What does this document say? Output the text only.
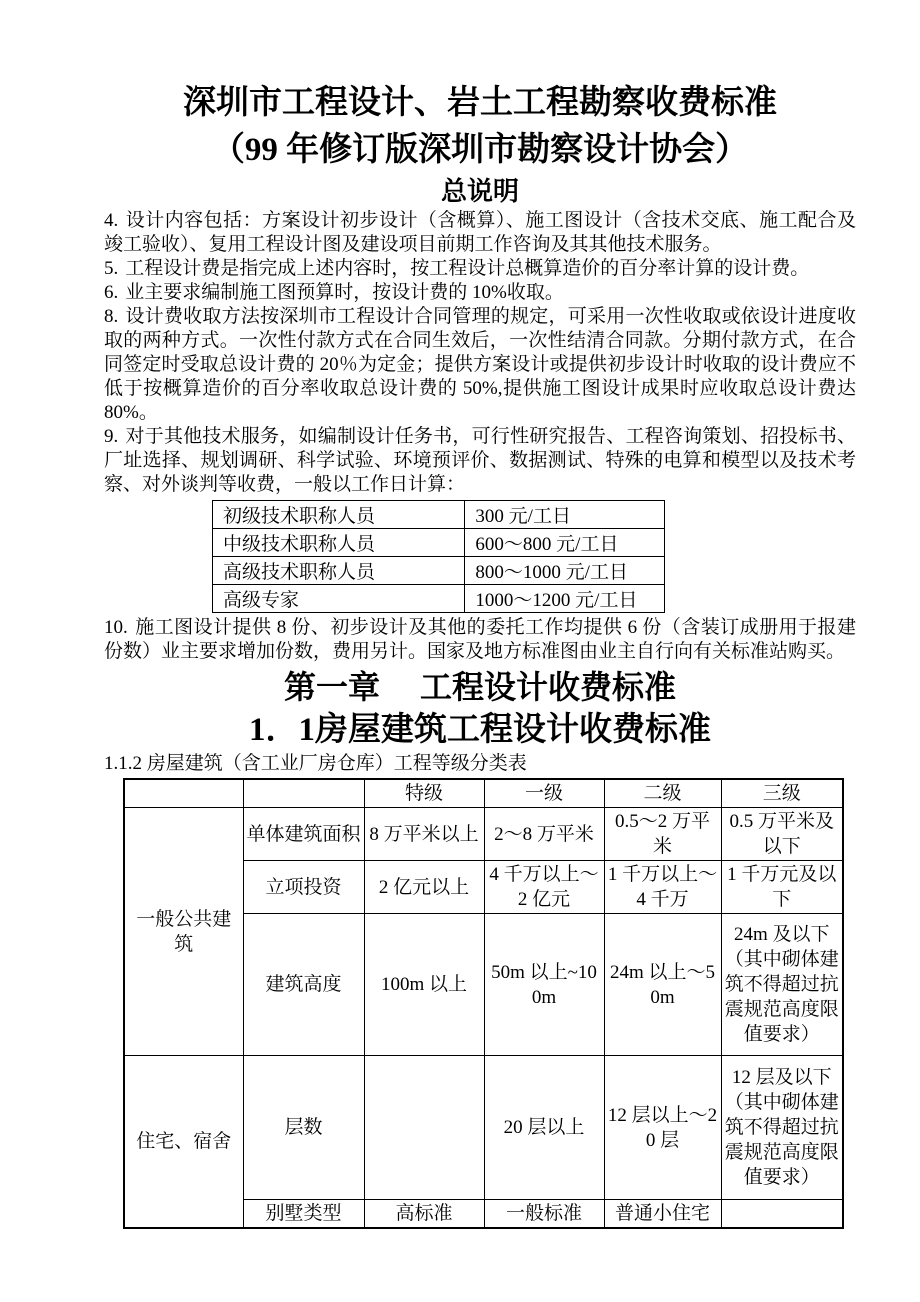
深圳市工程设计、岩土工程勘察收费标准
（99 年修订版深圳市勘察设计协会）
总说明

4. 设计内容包括：方案设计初步设计（含概算）、施工图设计（含技术交底、施工配合及竣工验收）、复用工程设计图及建设项目前期工作咨询及其其他技术服务。

5. 工程设计费是指完成上述内容时，按工程设计总概算造价的百分率计算的设计费。

6. 业主要求编制施工图预算时，按设计费的 10%收取。

8. 设计费收取方法按深圳市工程设计合同管理的规定，可采用一次性收取或依设计进度收取的两种方式。一次性付款方式在合同生效后，一次性结清合同款。分期付款方式，在合同签定时受取总设计费的 20％为定金；提供方案设计或提供初步设计时收取的设计费应不低于按概算造价的百分率收取总设计费的 50%,提供施工图设计成果时应收取总设计费达 80%。

9. 对于其他技术服务，如编制设计任务书，可行性研究报告、工程咨询策划、招投标书、厂址选择、规划调研、科学试验、环境预评价、数据测试、特殊的电算和模型以及技术考察、对外谈判等收费，一般以工作日计算：

初级技术职称人员	300 元/工日
中级技术职称人员	600～800 元/工日
高级技术职称人员	800～1000 元/工日
高级专家	1000～1200 元/工日

10. 施工图设计提供 8 份、初步设计及其他的委托工作均提供 6 份（含装订成册用于报建份数）业主要求增加份数，费用另计。国家及地方标准图由业主自行向有关标准站购买。

第一章　 工程设计收费标准
1．1房屋建筑工程设计收费标准
1.1.2 房屋建筑（含工业厂房仓库）工程等级分类表
		特级	一级	二级	三级
一般公共建筑	单体建筑面积	8 万平米以上	2～8 万平米	0.5～2 万平米	0.5 万平米及以下
	立项投资	2 亿元以上	4 千万以上～2 亿元	1 千万以上～4 千万	1 千万元及以下
	建筑高度	100m 以上	50m 以上~100m	24m 以上～50m	24m 及以下（其中砌体建筑不得超过抗震规范高度限值要求）
住宅、宿舍	层数		20 层以上	12 层以上～20 层	12 层及以下（其中砌体建筑不得超过抗震规范高度限值要求）
	别墅类型	高标准	一般标准	普通小住宅	
